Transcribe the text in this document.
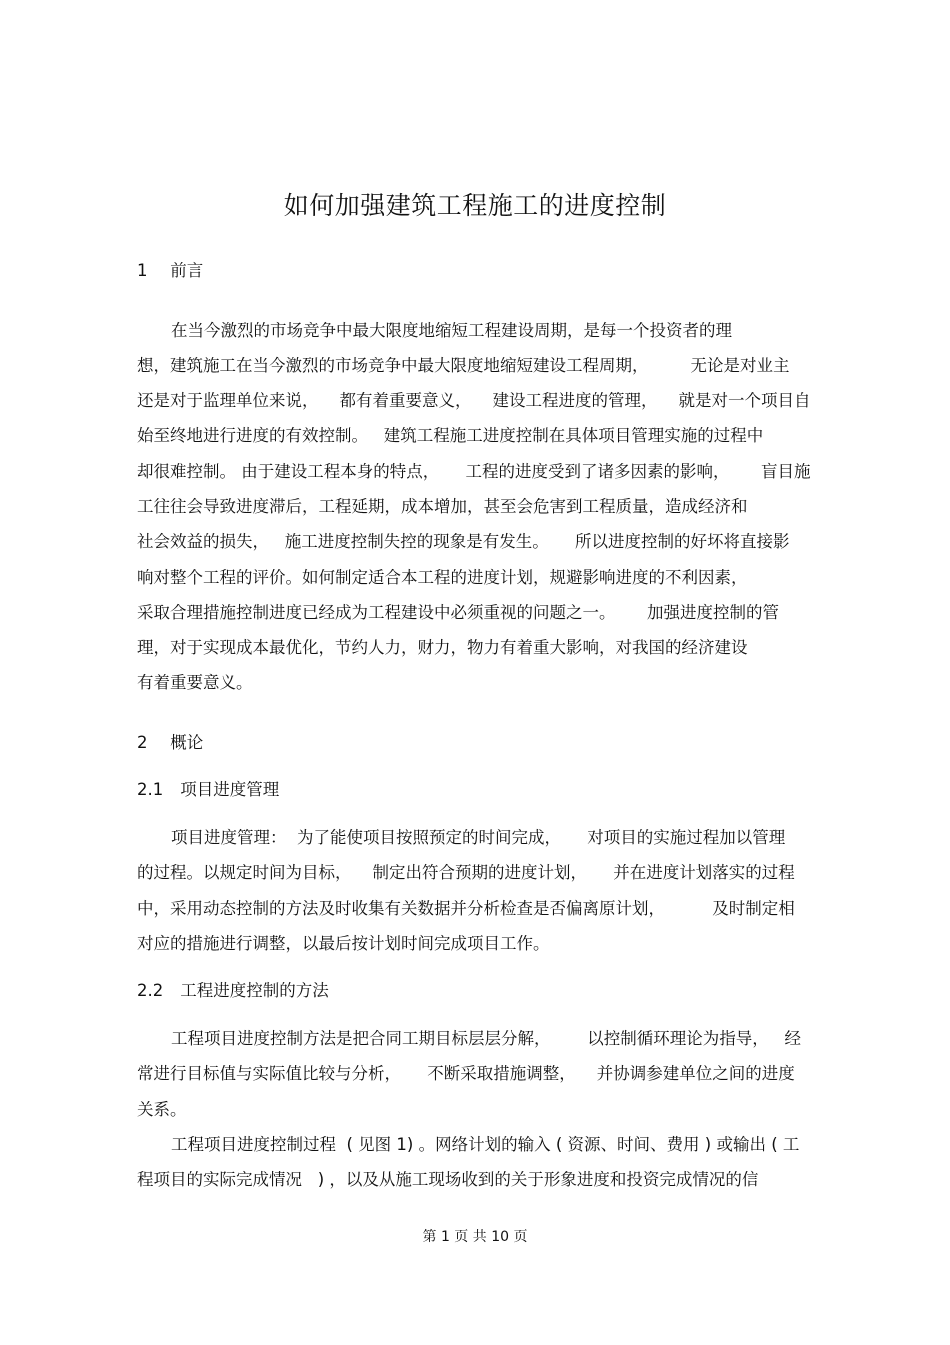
如何加强建筑工程施工的进度控制
1 前言
在当今激烈的市场竞争中最大限度地缩短工程建设周期，是每一个投资者的理
想，建筑施工在当今激烈的市场竞争中最大限度地缩短建设工程周期，        无论是对业主
还是对于监理单位来说，    都有着重要意义，    建设工程进度的管理，    就是对一个项目自
始至终地进行进度的有效控制。   建筑工程施工进度控制在具体项目管理实施的过程中
却很难控制。 由于建设工程本身的特点，     工程的进度受到了诸多因素的影响，      盲目施
工往往会导致进度滞后，工程延期，成本增加，甚至会危害到工程质量，造成经济和
社会效益的损失，   施工进度控制失控的现象是有发生。     所以进度控制的好坏将直接影
响对整个工程的评价。如何制定适合本工程的进度计划，规避影响进度的不利因素，
采取合理措施控制进度已经成为工程建设中必须重视的问题之一。      加强进度控制的管
理，对于实现成本最优化，节约人力，财力，物力有着重大影响，对我国的经济建设
有着重要意义。
2 概论
2.1 项目进度管理
项目进度管理：  为了能使项目按照预定的时间完成，     对项目的实施过程加以管理
的过程。以规定时间为目标，    制定出符合预期的进度计划，     并在进度计划落实的过程
中，采用动态控制的方法及时收集有关数据并分析检查是否偏离原计划，         及时制定相
对应的措施进行调整，以最后按计划时间完成项目工作。
2.2 工程进度控制的方法
工程项目进度控制方法是把合同工期目标层层分解，       以控制循环理论为指导，   经
常进行目标值与实际值比较与分析，     不断采取措施调整，    并协调参建单位之间的进度
关系。
工程项目进度控制过程  ( 见图 1) 。网络计划的输入 ( 资源、时间、费用 ) 或输出 ( 工
程项目的实际完成情况   ) ，以及从施工现场收到的关于形象进度和投资完成情况的信
第 1 页 共 10 页
